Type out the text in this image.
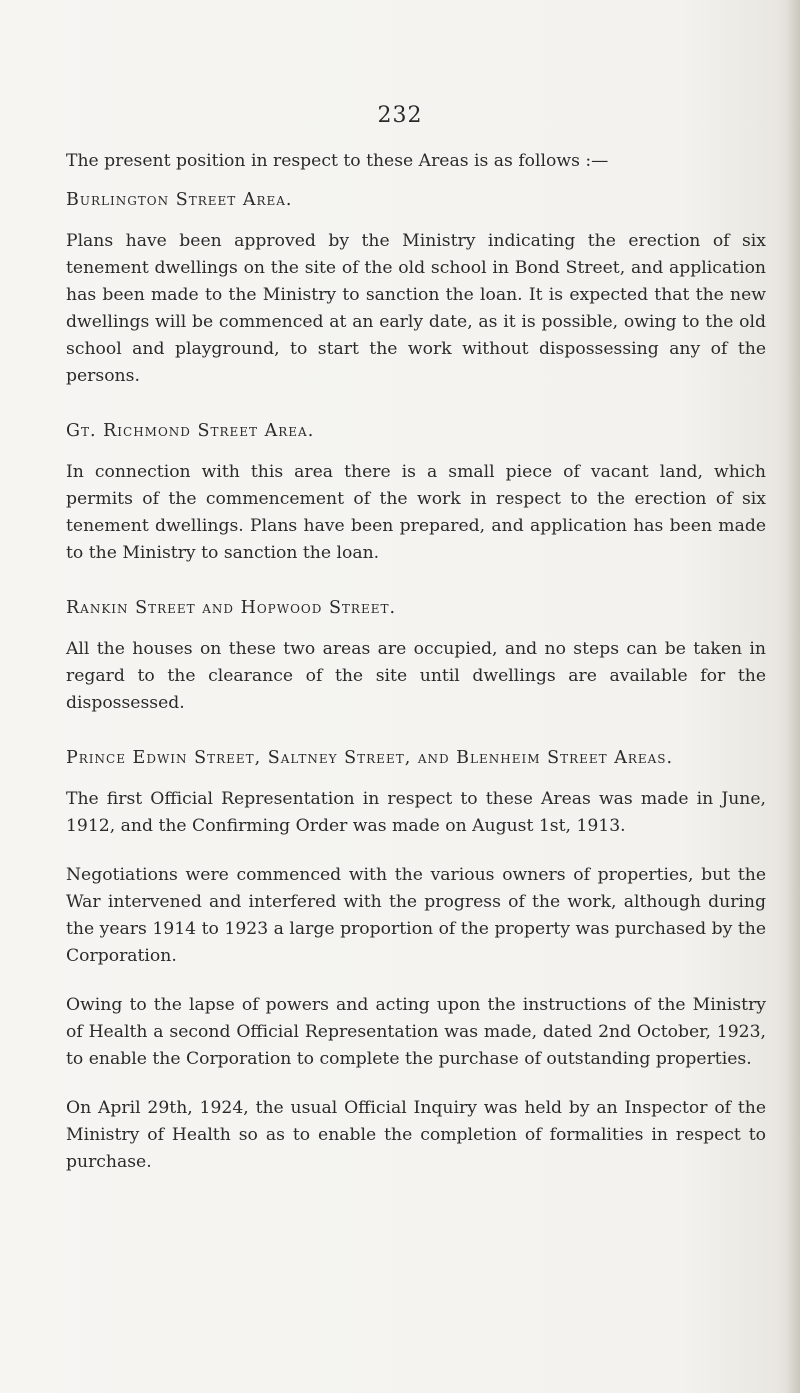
232

The present position in respect to these Areas is as follows :—

Burlington Street Area.

Plans have been approved by the Ministry indicating the erection of six tenement dwellings on the site of the old school in Bond Street, and application has been made to the Ministry to sanction the loan. It is expected that the new dwellings will be commenced at an early date, as it is possible, owing to the old school and playground, to start the work without dispossessing any of the persons.

Gt. Richmond Street Area.

In connection with this area there is a small piece of vacant land, which permits of the commencement of the work in respect to the erection of six tenement dwellings. Plans have been prepared, and application has been made to the Ministry to sanction the loan.

Rankin Street and Hopwood Street.

All the houses on these two areas are occupied, and no steps can be taken in regard to the clearance of the site until dwellings are available for the dispossessed.

Prince Edwin Street, Saltney Street, and Blenheim Street Areas.

The first Official Representation in respect to these Areas was made in June, 1912, and the Confirming Order was made on August 1st, 1913.

Negotiations were commenced with the various owners of properties, but the War intervened and interfered with the progress of the work, although during the years 1914 to 1923 a large proportion of the property was purchased by the Corporation.

Owing to the lapse of powers and acting upon the instructions of the Ministry of Health a second Official Representation was made, dated 2nd October, 1923, to enable the Corporation to complete the purchase of outstanding properties.

On April 29th, 1924, the usual Official Inquiry was held by an Inspector of the Ministry of Health so as to enable the completion of formalities in respect to purchase.
